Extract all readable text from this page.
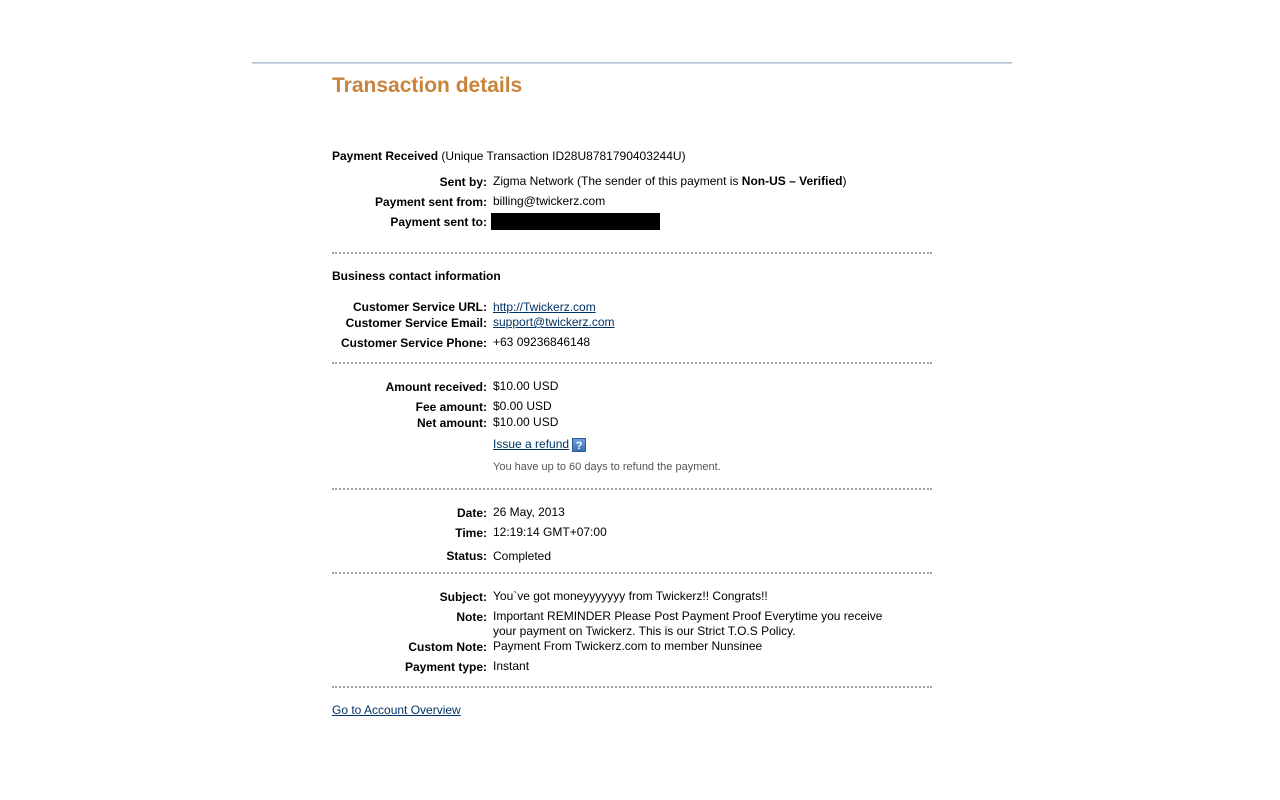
Transaction details
Payment Received (Unique Transaction ID28U8781790403244U)
Sent by: Zigma Network (The sender of this payment is Non-US – Verified)
Payment sent from: billing@twickerz.com
Payment sent to:
Business contact information
Customer Service URL: http://Twickerz.com
Customer Service Email: support@twickerz.com
Customer Service Phone: +63 09236846148
Amount received: $10.00 USD
Fee amount: $0.00 USD
Net amount: $10.00 USD
Issue a refund ?
You have up to 60 days to refund the payment.
Date: 26 May, 2013
Time: 12:19:14 GMT+07:00
Status: Completed
Subject: You`ve got moneyyyyyyy from Twickerz!! Congrats!!
Note: Important REMINDER Please Post Payment Proof Everytime you receive your payment on Twickerz. This is our Strict T.O.S Policy.
Custom Note: Payment From Twickerz.com to member Nunsinee
Payment type: Instant
Go to Account Overview
